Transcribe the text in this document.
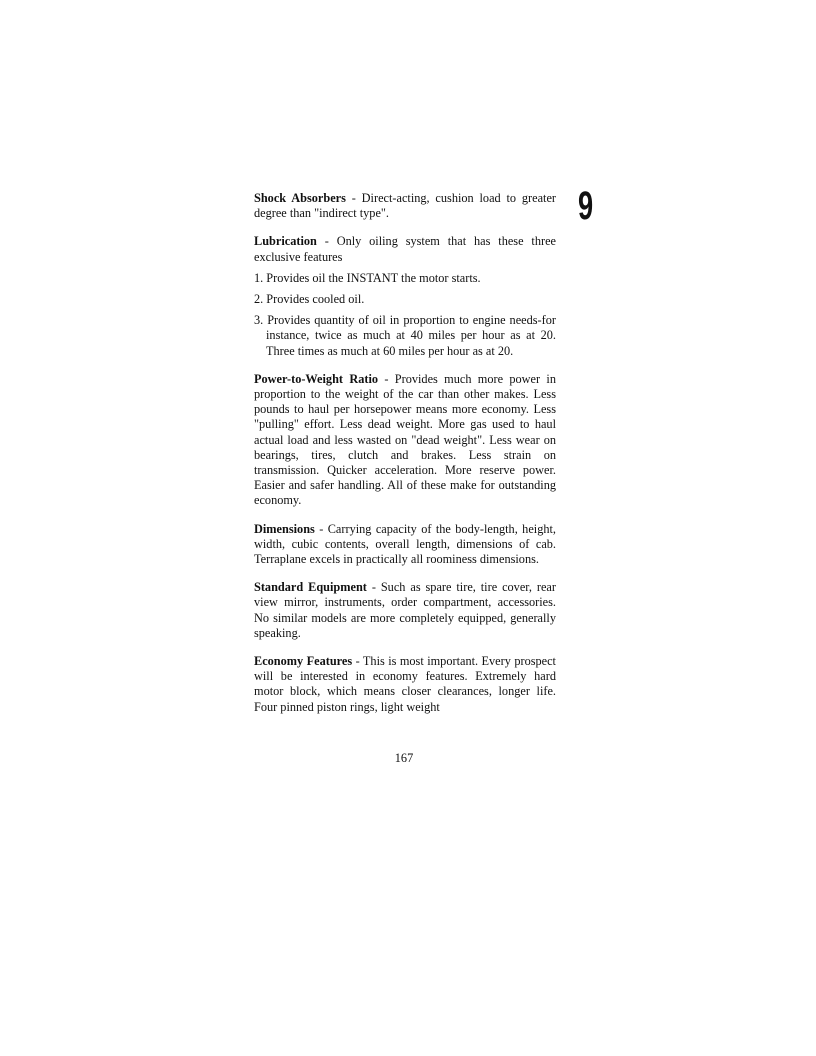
9

Shock Absorbers - Direct-acting, cushion load to greater degree than "indirect type".

Lubrication - Only oiling system that has these three exclusive features

1. Provides oil the INSTANT the motor starts.
2. Provides cooled oil.
3. Provides quantity of oil in proportion to engine needs-for instance, twice as much at 40 miles per hour as at 20. Three times as much at 60 miles per hour as at 20.

Power-to-Weight Ratio - Provides much more power in proportion to the weight of the car than other makes. Less pounds to haul per horsepower means more economy. Less "pulling" effort. Less dead weight. More gas used to haul actual load and less wasted on "dead weight". Less wear on bearings, tires, clutch and brakes. Less strain on transmission. Quicker acceleration. More reserve power. Easier and safer handling. All of these make for outstanding economy.

Dimensions - Carrying capacity of the body-length, height, width, cubic contents, overall length, dimensions of cab. Terraplane excels in practically all roominess dimensions.

Standard Equipment - Such as spare tire, tire cover, rear view mirror, instruments, order compartment, accessories. No similar models are more completely equipped, generally speaking.

Economy Features - This is most important. Every prospect will be interested in economy features. Extremely hard motor block, which means closer clearances, longer life. Four pinned piston rings, light weight

167
